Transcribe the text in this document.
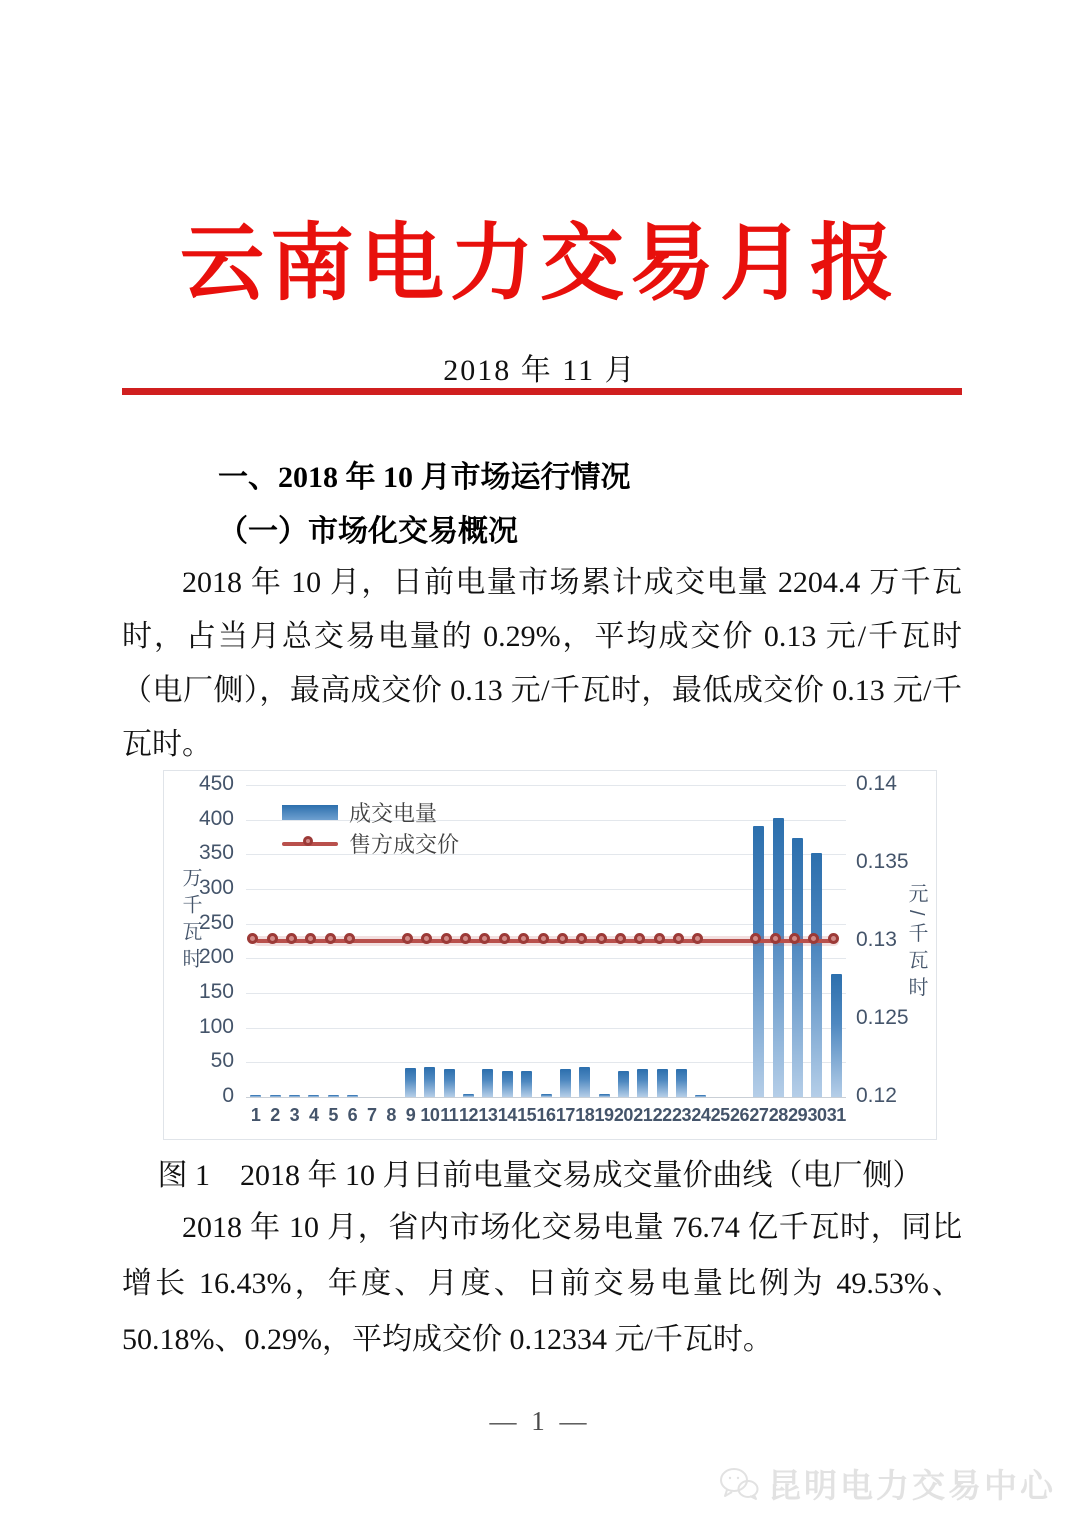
云南电力交易月报
2018 年 11 月
一、2018 年 10 月市场运行情况
（一）市场化交易概况

2018 年 10 月，日前电量市场累计成交电量 2204.4 万千瓦时，占当月总交易电量的 0.29%，平均成交价 0.13 元/千瓦时（电厂侧），最高成交价 0.13 元/千瓦时，最低成交价 0.13 元/千瓦时。

万千瓦时	元/千瓦时
成交电量
售方成交价
0
50
100
150
200
250
300
350
400
450
0.12
0.125
0.13
0.135
0.14
1 2 3 4 5 6 7 8 9 10 11 12 13 14 15 16 17 18 19 20 21 22 23 24 25 26 27 28 29 30 31
图 1　2018 年 10 月日前电量交易成交量价曲线（电厂侧）

2018 年 10 月，省内市场化交易电量 76.74 亿千瓦时，同比增长 16.43%，年度、月度、日前交易电量比例为 49.53%、50.18%、0.29%，平均成交价 0.12334 元/千瓦时。

— 1 —
昆明电力交易中心
